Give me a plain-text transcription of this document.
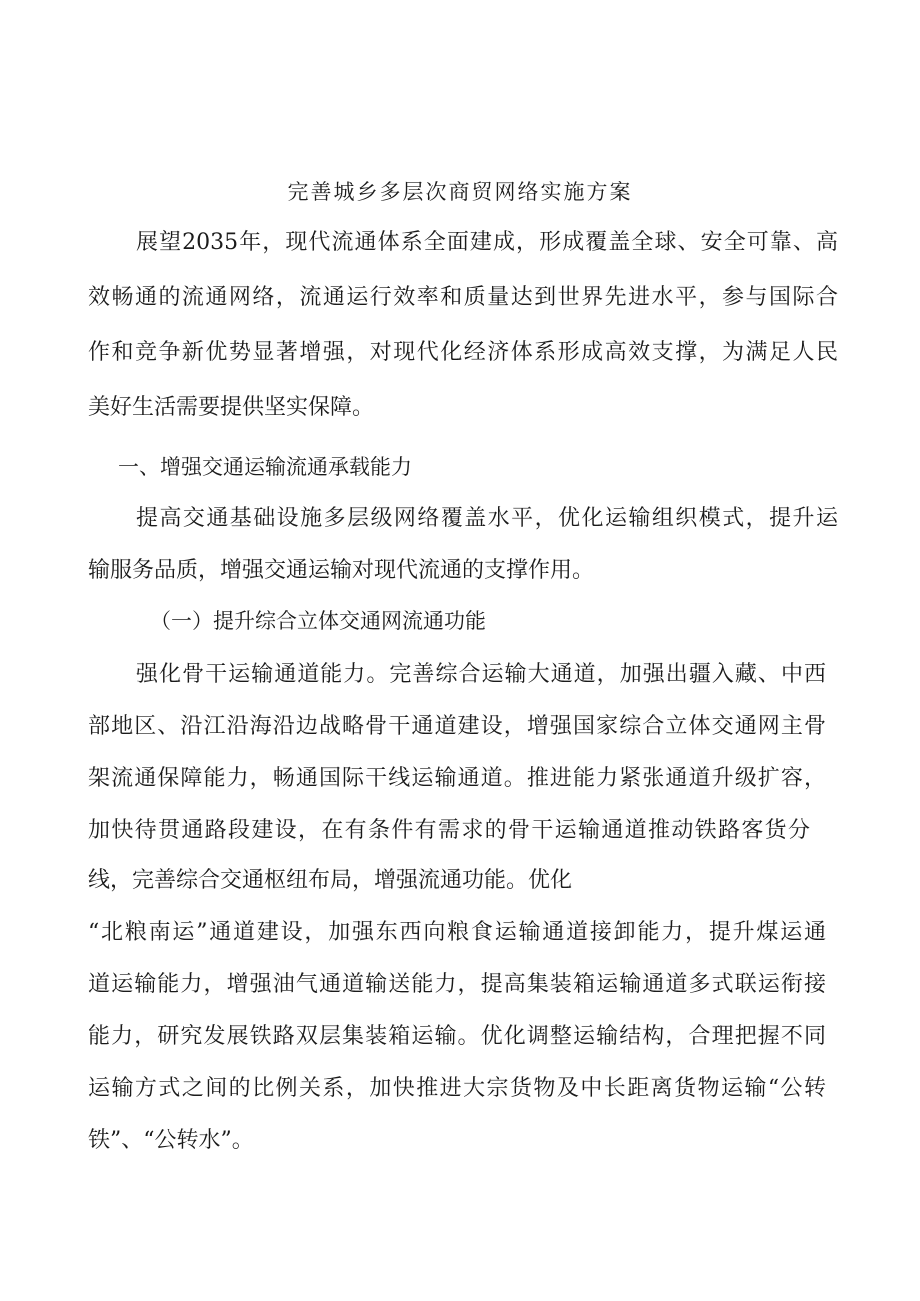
完善城乡多层次商贸网络实施方案
展望2035年，现代流通体系全面建成，形成覆盖全球、安全可靠、高
效畅通的流通网络，流通运行效率和质量达到世界先进水平，参与国际合
作和竞争新优势显著增强，对现代化经济体系形成高效支撑，为满足人民
美好生活需要提供坚实保障。
一、增强交通运输流通承载能力
提高交通基础设施多层级网络覆盖水平，优化运输组织模式，提升运
输服务品质，增强交通运输对现代流通的支撑作用。
（一）提升综合立体交通网流通功能
强化骨干运输通道能力。完善综合运输大通道，加强出疆入藏、中西
部地区、沿江沿海沿边战略骨干通道建设，增强国家综合立体交通网主骨
架流通保障能力，畅通国际干线运输通道。推进能力紧张通道升级扩容，
加快待贯通路段建设，在有条件有需求的骨干运输通道推动铁路客货分
线，完善综合交通枢纽布局，增强流通功能。优化
“北粮南运”通道建设，加强东西向粮食运输通道接卸能力，提升煤运通
道运输能力，增强油气通道输送能力，提高集装箱运输通道多式联运衔接
能力，研究发展铁路双层集装箱运输。优化调整运输结构，合理把握不同
运输方式之间的比例关系，加快推进大宗货物及中长距离货物运输“公转
铁”、“公转水”。
